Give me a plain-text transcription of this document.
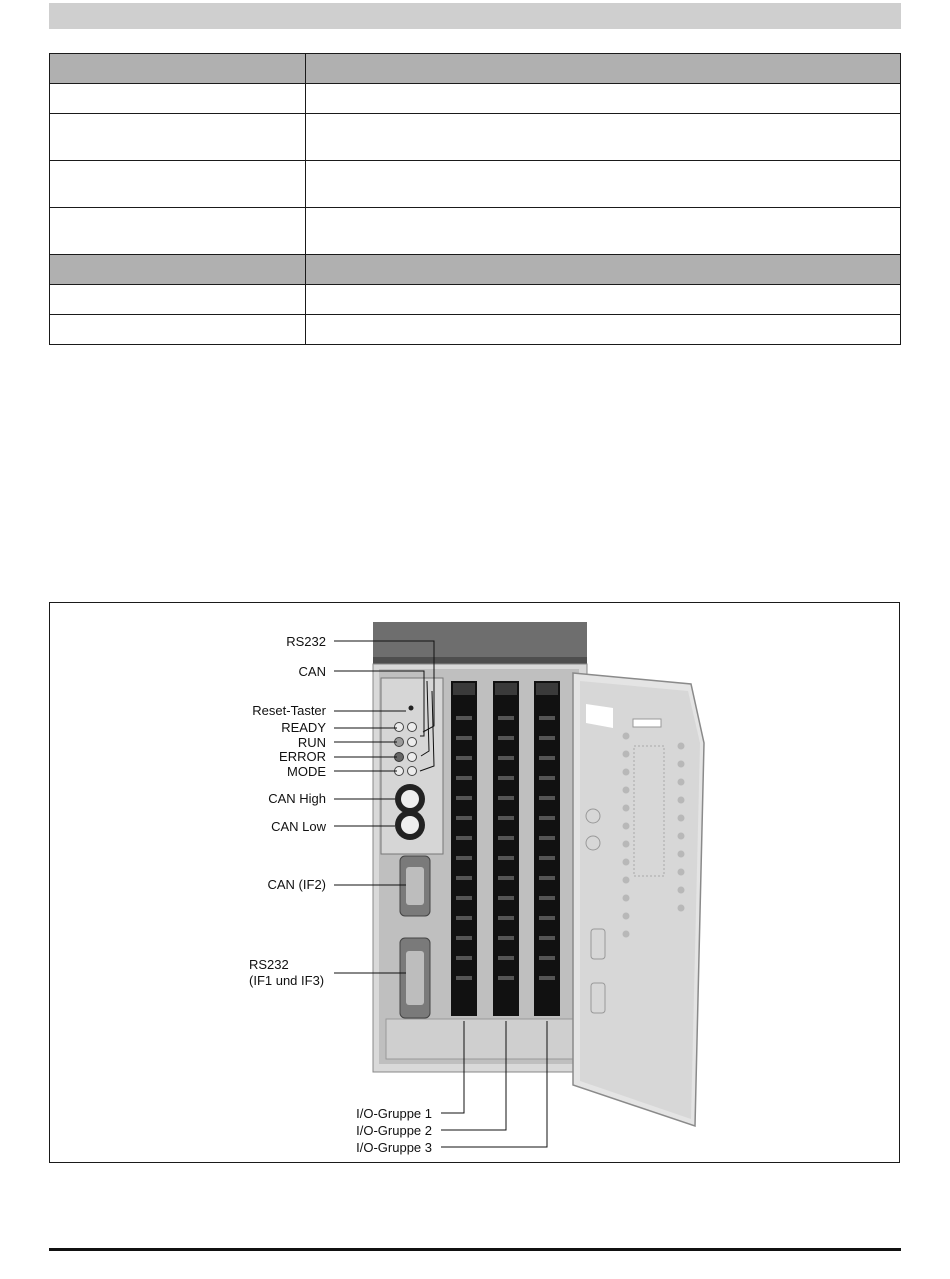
RS232
CAN
Reset-Taster
READY
RUN
ERROR
MODE
CAN High
CAN Low
CAN (IF2)
RS232
(IF1 und IF3)
I/O-Gruppe 1
I/O-Gruppe 2
I/O-Gruppe 3
